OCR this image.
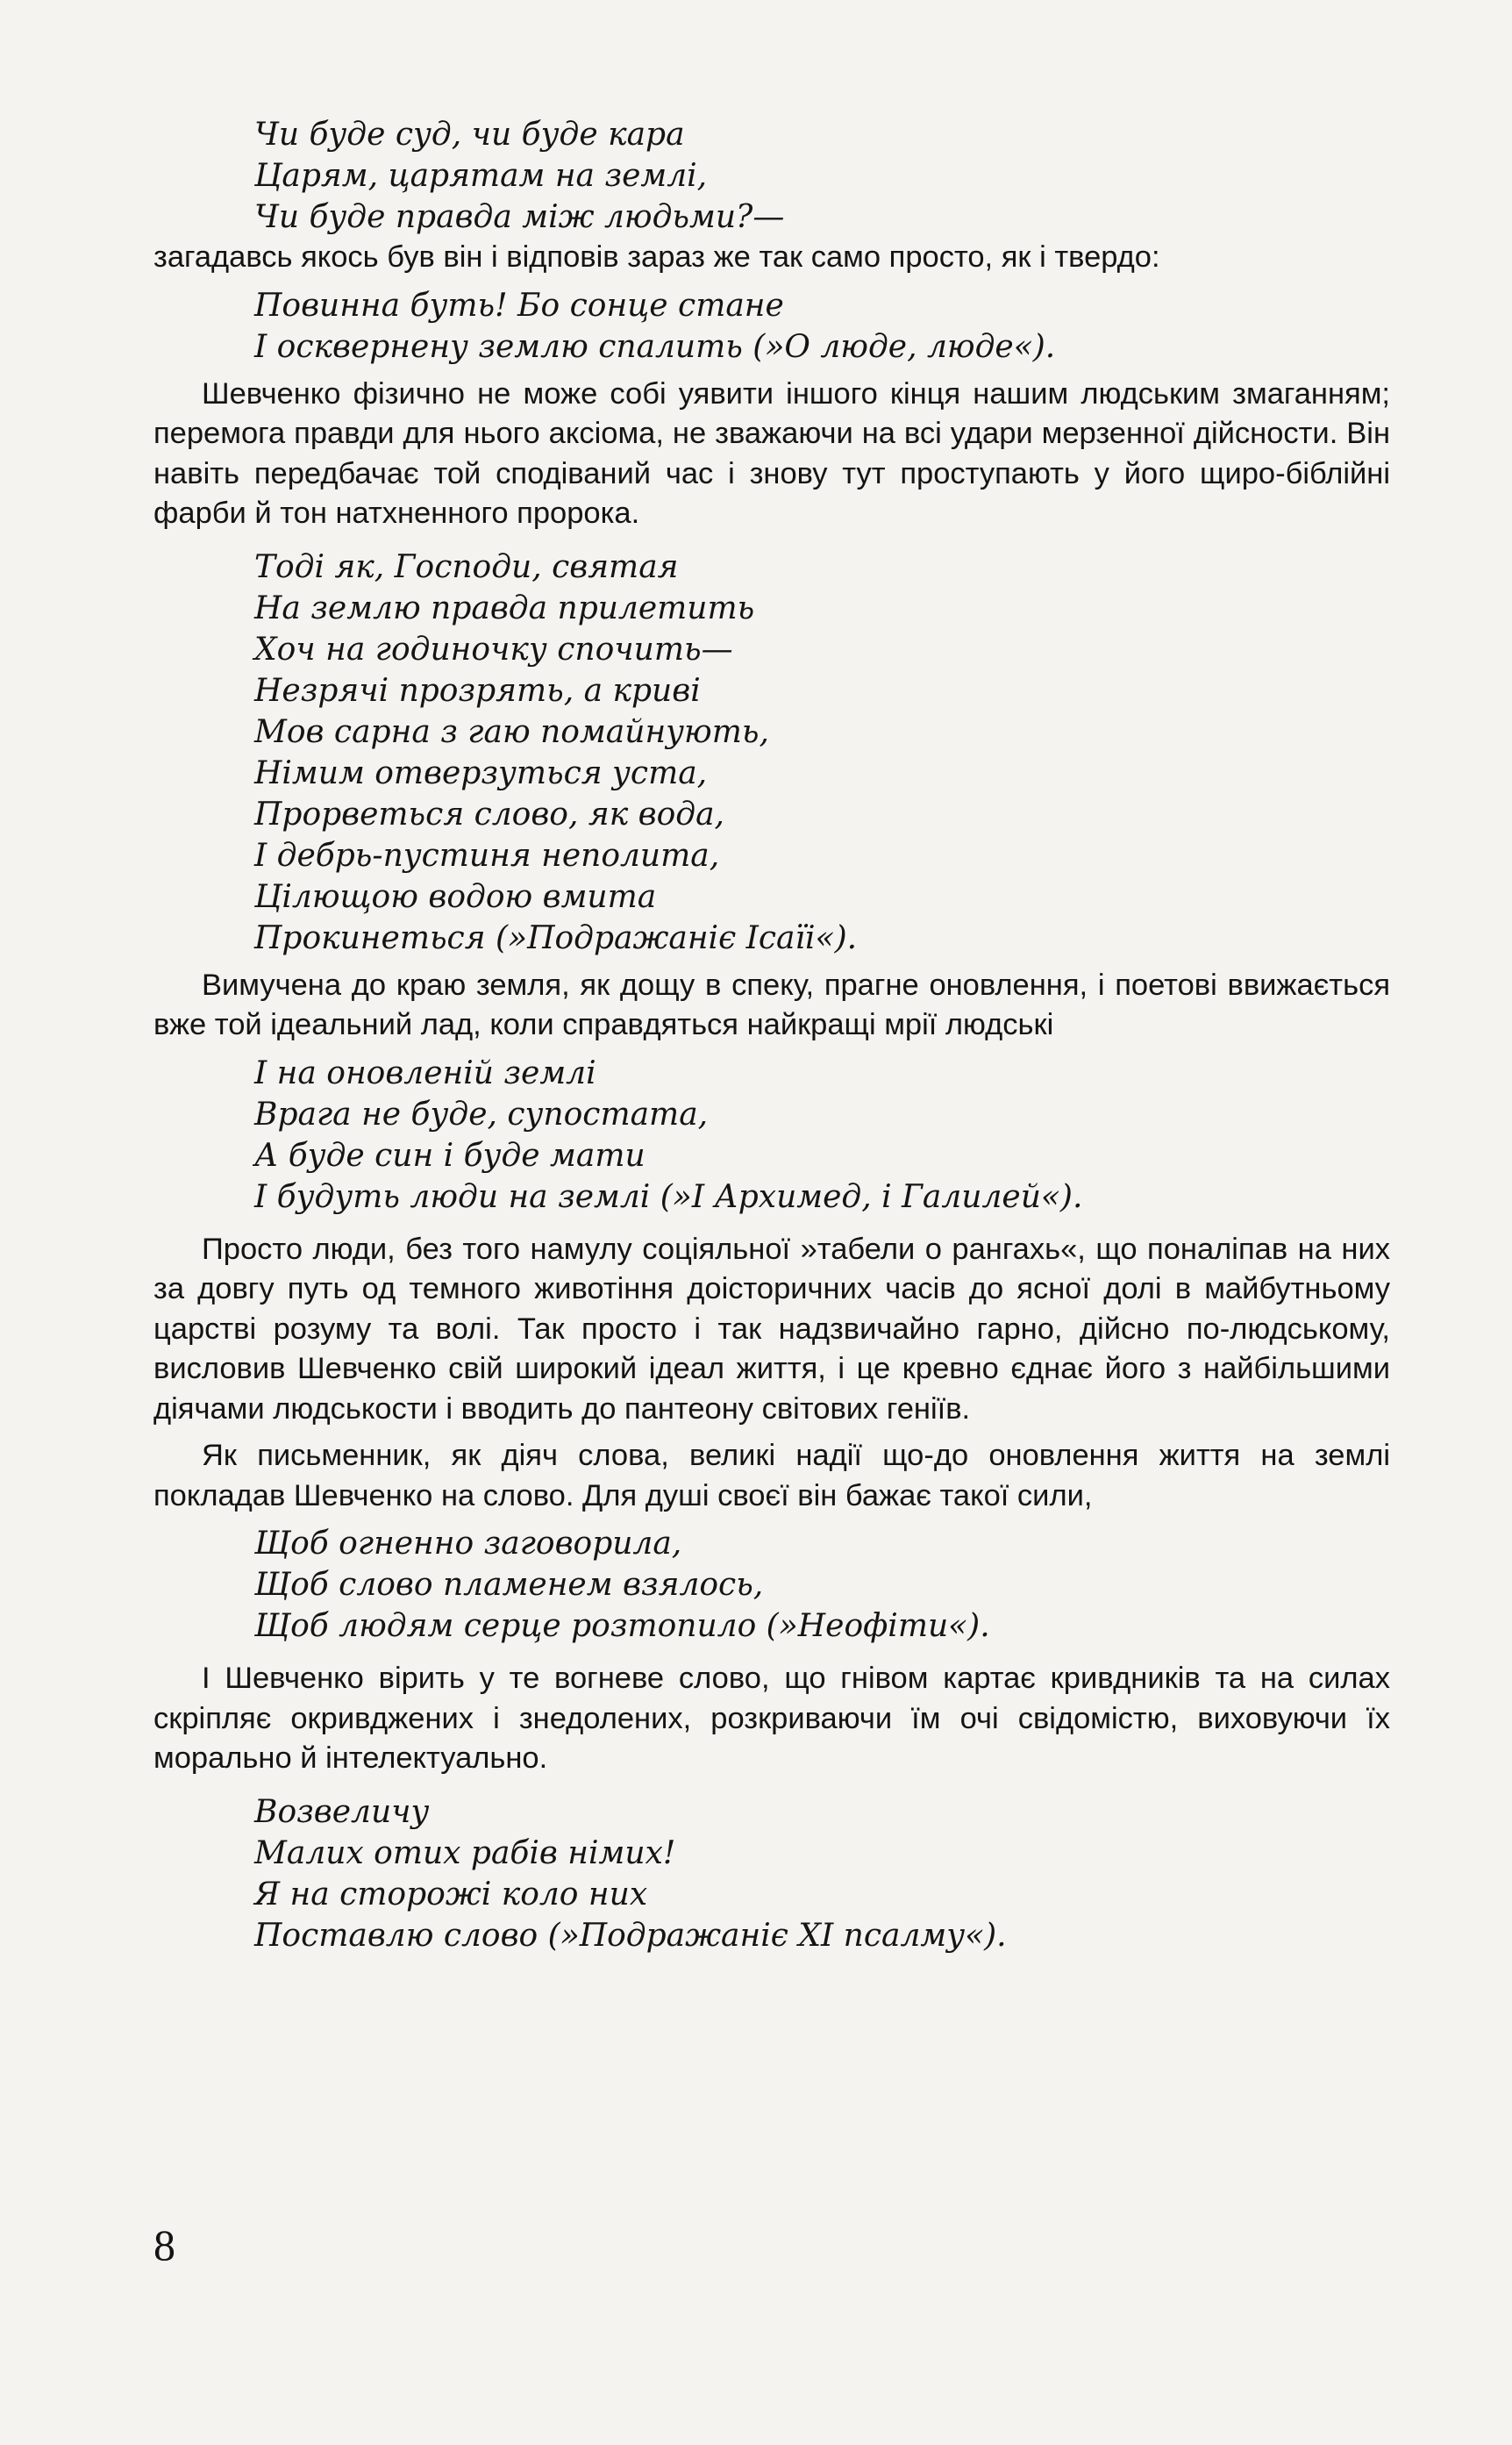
Чи буде суд, чи буде кара
Царям, царятам на землі,
Чи буде правда між людьми?—

загадавсь якось був він і відповів зараз же так само просто, як і твердо:

Повинна буть! Бо сонце стане
І осквернену землю спалить (»О люде, люде«).

Шевченко фізично не може собі уявити іншого кінця нашим людським змаганням; перемога правди для нього аксіома, не зважаючи на всі удари мерзенної дійсности. Він навіть передбачає той сподіваний час і знову тут проступають у його щиро-біблійні фарби й тон натхненного пророка.

Тоді як, Господи, святая
На землю правда прилетить
Хоч на годиночку спочить—
Незрячі прозрять, а криві
Мов сарна з гаю помайнують,
Німим отверзуться уста,
Прорветься слово, як вода,
І дебрь-пустиня неполита,
Цілющою водою вмита
Прокинеться (»Подражаніє Ісаїі«).

Вимучена до краю земля, як дощу в спеку, прагне оновлення, і поетові ввижається вже той ідеальний лад, коли справдяться найкращі мрії людські

І на оновленій землі
Врага не буде, супостата,
А буде син і буде мати
І будуть люди на землі (»І Архимед, і Галилей«).

Просто люди, без того намулу соціяльної »табели о рангахь«, що поналіпав на них за довгу путь од темного животіння доісторичних часів до ясної долі в майбутньому царстві розуму та волі. Так просто і так надзвичайно гарно, дійсно по-людському, висловив Шевченко свій широкий ідеал життя, і це кревно єднає його з найбільшими діячами людськости і вводить до пантеону світових геніїв.

Як письменник, як діяч слова, великі надії що-до оновлення життя на землі покладав Шевченко на слово. Для душі своєї він бажає такої сили,

Щоб огненно заговорила,
Щоб слово пламенем взялось,
Щоб людям серце розтопило (»Неофіти«).

І Шевченко вірить у те вогневе слово, що гнівом картає кривдників та на силах скріпляє окривджених і знедолених, розкриваючи їм очі свідомістю, виховуючи їх морально й інтелектуально.

Возвеличу
Малих отих рабів німих!
Я на сторожі коло них
Поставлю слово (»Подражаніє XI псалму«).
8
